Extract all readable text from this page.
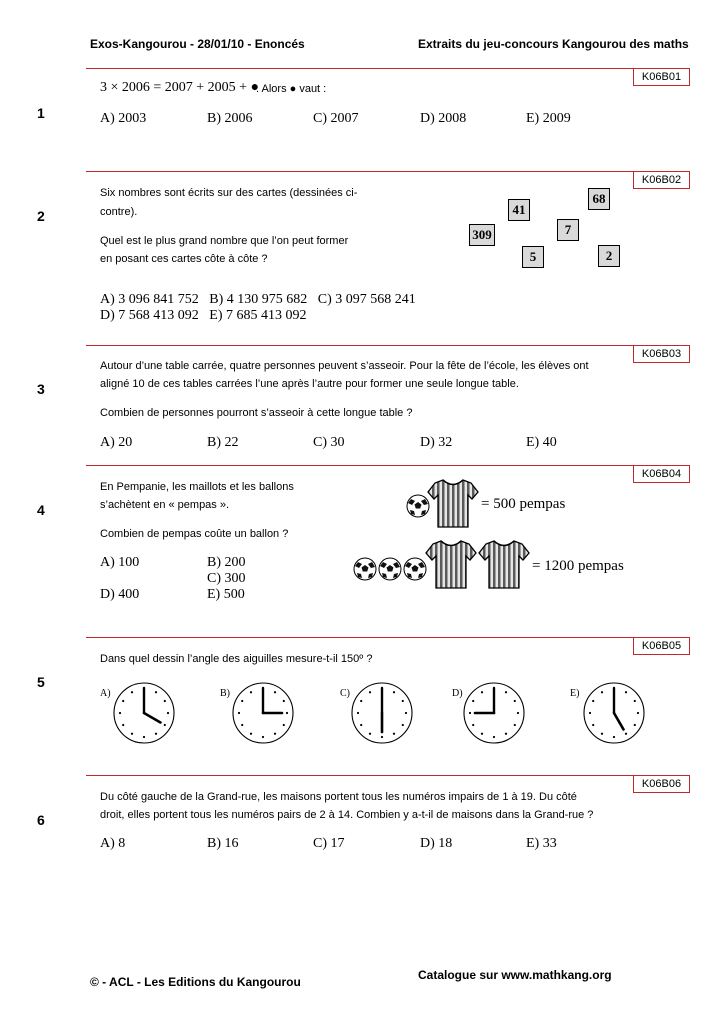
Exos-Kangourou - 28/01/10 - Enoncés	Extraits du jeu-concours Kangourou des maths
K06B01
1
3 × 2006 = 2007 + 2005 + ●
. Alors ● vaut :
A) 2003	B) 2006	C) 2007	D) 2008	E) 2009
K06B02
2
Six nombres sont écrits sur des cartes (dessinées ci-
contre).
Quel est le plus grand nombre que l’on peut former
en posant ces cartes côte à côte ?
68
41
7
309
5	2
A) 3 096 841 752   B) 4 130 975 682   C) 3 097 568 241
D) 7 568 413 092   E) 7 685 413 092
K06B03
3
Autour d’une table carrée, quatre personnes peuvent s’asseoir. Pour la fête de l’école, les élèves ont
aligné 10 de ces tables carrées l’une après l’autre pour former une seule longue table.
Combien de personnes pourront s’asseoir à cette longue table ?
A) 20	B) 22	C) 30	D) 32	E) 40
K06B04
4
En Pempanie, les maillots et les ballons
s’achètent en « pempas ».
Combien de pempas coûte un ballon ?
A) 100	B) 200
C) 300
D) 400	E) 500
= 500 pempas
= 1200 pempas
K06B05
5
Dans quel dessin l’angle des aiguilles mesure-t-il 150º ?
A)	B)	C)	D)	E)
K06B06
6
Du côté gauche de la Grand-rue, les maisons portent tous les numéros impairs de 1 à 19. Du côté
droit, elles portent tous les numéros pairs de 2 à 14. Combien y a-t-il de maisons dans la Grand-rue ?
A) 8	B) 16	C) 17	D) 18	E) 33
© - ACL - Les Editions du Kangourou	Catalogue sur www.mathkang.org
